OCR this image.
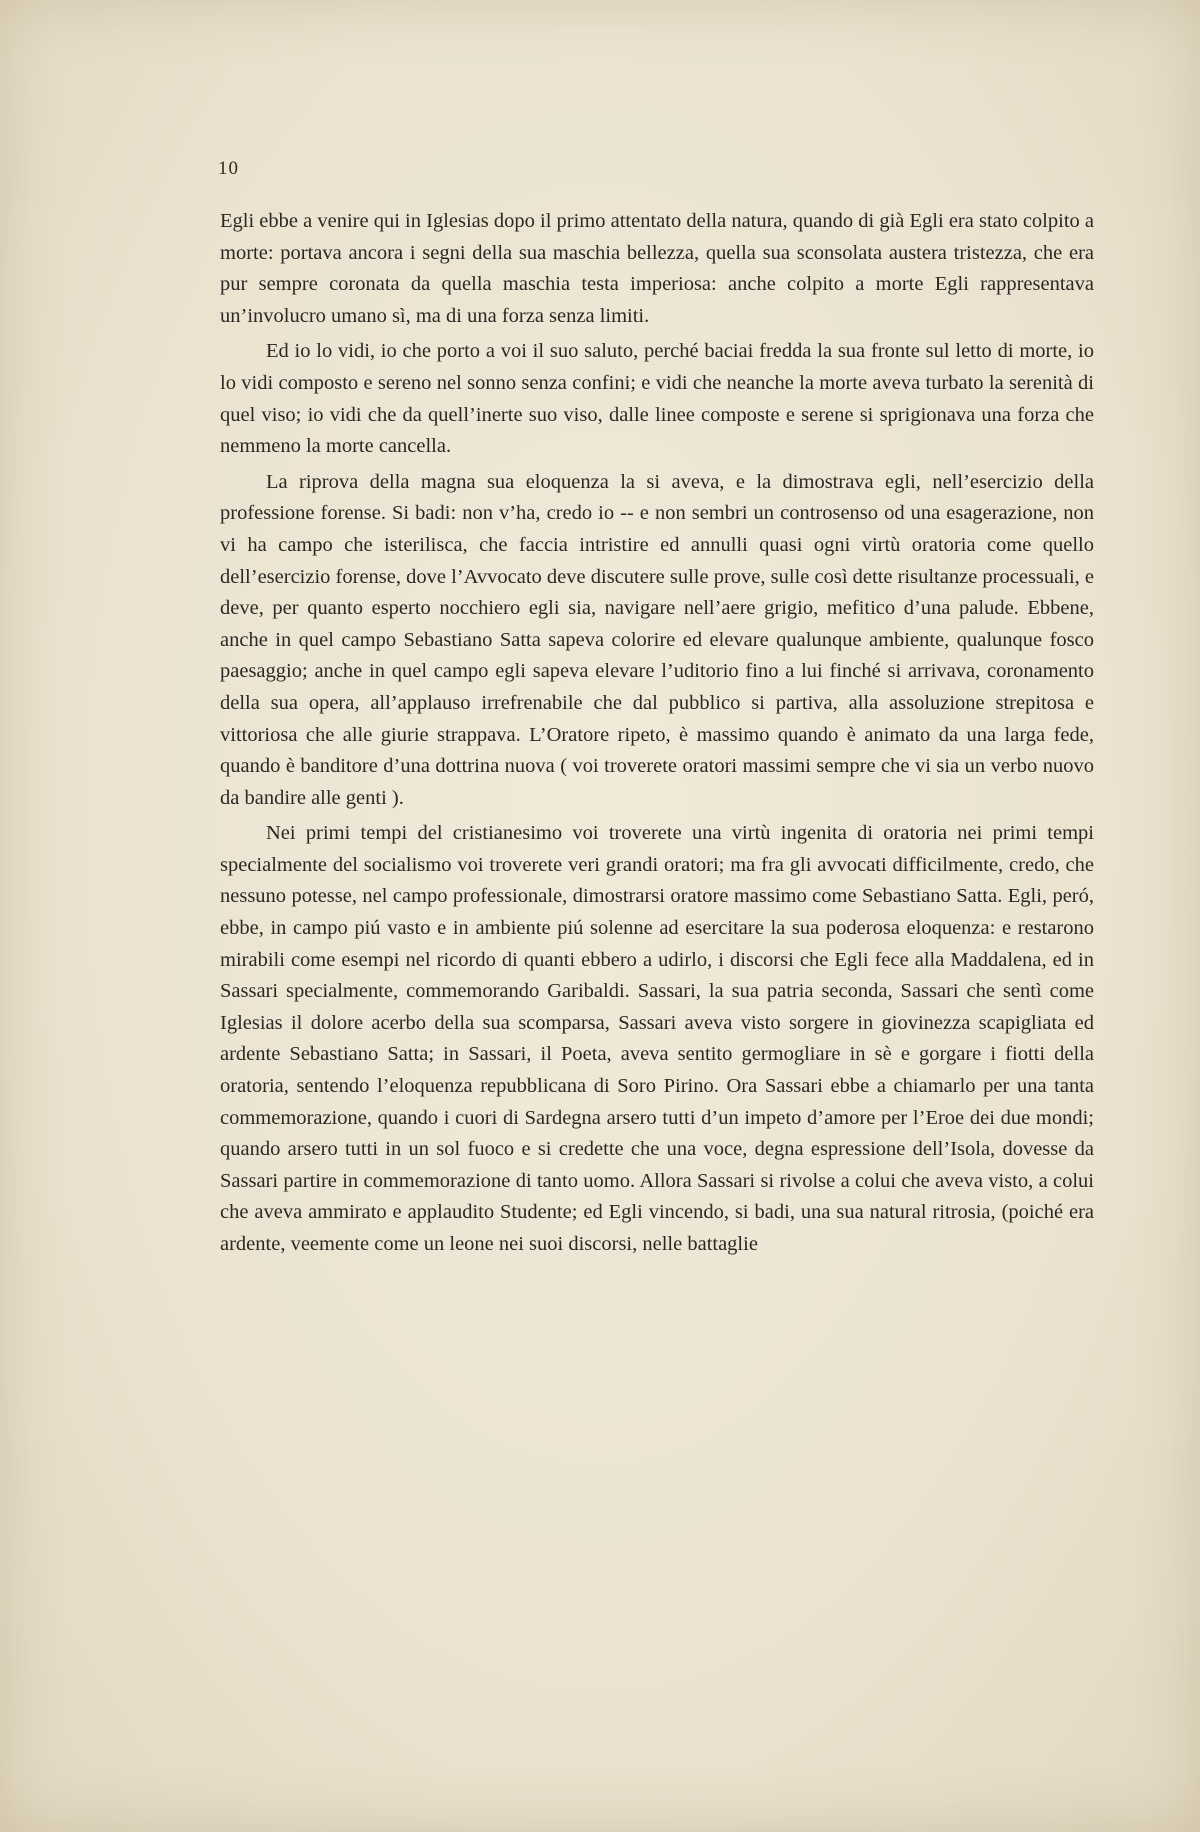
10

Egli ebbe a venire qui in Iglesias dopo il primo attentato della natura, quando di già Egli era stato colpito a morte: portava ancora i segni della sua maschia bellezza, quella sua sconsolata austera tristezza, che era pur sempre coronata da quella maschia testa imperiosa: anche colpito a morte Egli rappresentava un’involucro umano sì, ma di una forza senza limiti.

Ed io lo vidi, io che porto a voi il suo saluto, perché baciai fredda la sua fronte sul letto di morte, io lo vidi composto e sereno nel sonno senza confini; e vidi che neanche la morte aveva turbato la serenità di quel viso; io vidi che da quell’inerte suo viso, dalle linee composte e serene si sprigionava una forza che nemmeno la morte cancella.

La riprova della magna sua eloquenza la si aveva, e la dimostrava egli, nell’esercizio della professione forense. Si badi: non v’ha, credo io -- e non sembri un controsenso od una esagerazione, non vi ha campo che isterilisca, che faccia intristire ed annulli quasi ogni virtù oratoria come quello dell’esercizio forense, dove l’Avvocato deve discutere sulle prove, sulle così dette risultanze processuali, e deve, per quanto esperto nocchiero egli sia, navigare nell’aere grigio, mefitico d’una palude. Ebbene, anche in quel campo Sebastiano Satta sapeva colorire ed elevare qualunque ambiente, qualunque fosco paesaggio; anche in quel campo egli sapeva elevare l’uditorio fino a lui finché si arrivava, coronamento della sua opera, all’applauso irrefrenabile che dal pubblico si partiva, alla assoluzione strepitosa e vittoriosa che alle giurie strappava. L’Oratore ripeto, è massimo quando è animato da una larga fede, quando è banditore d’una dottrina nuova ( voi troverete oratori massimi sempre che vi sia un verbo nuovo da bandire alle genti ).

Nei primi tempi del cristianesimo voi troverete una virtù ingenita di oratoria nei primi tempi specialmente del socialismo voi troverete veri grandi oratori; ma fra gli avvocati difficilmente, credo, che nessuno potesse, nel campo professionale, dimostrarsi oratore massimo come Sebastiano Satta. Egli, peró, ebbe, in campo piú vasto e in ambiente piú solenne ad esercitare la sua poderosa eloquenza: e restarono mirabili come esempi nel ricordo di quanti ebbero a udirlo, i discorsi che Egli fece alla Maddalena, ed in Sassari specialmente, commemorando Garibaldi. Sassari, la sua patria seconda, Sassari che sentì come Iglesias il dolore acerbo della sua scomparsa, Sassari aveva visto sorgere in giovinezza scapigliata ed ardente Sebastiano Satta; in Sassari, il Poeta, aveva sentito germogliare in sè e gorgare i fiotti della oratoria, sentendo l’eloquenza repubblicana di Soro Pirino. Ora Sassari ebbe a chiamarlo per una tanta commemorazione, quando i cuori di Sardegna arsero tutti d’un impeto d’amore per l’Eroe dei due mondi; quando arsero tutti in un sol fuoco e si credette che una voce, degna espressione dell’Isola, dovesse da Sassari partire in commemorazione di tanto uomo. Allora Sassari si rivolse a colui che aveva visto, a colui che aveva ammirato e applaudito Studente; ed Egli vincendo, si badi, una sua natural ritrosia, (poiché era ardente, veemente come un leone nei suoi discorsi, nelle battaglie
